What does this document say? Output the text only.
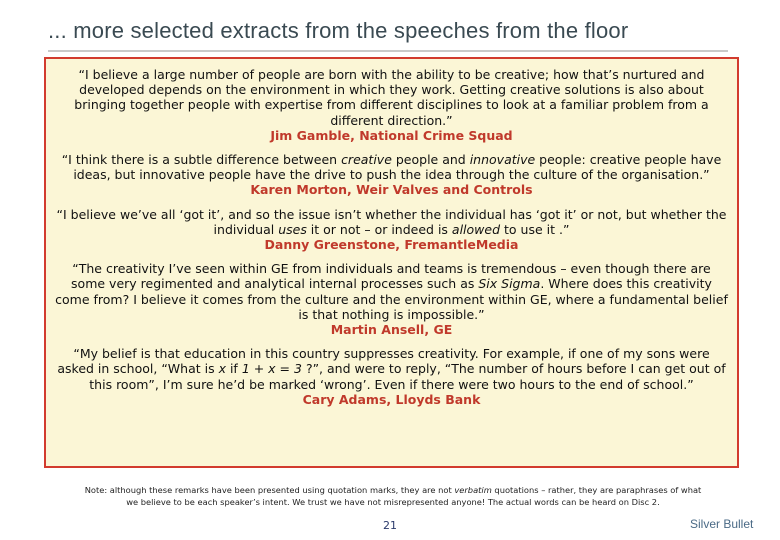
... more selected extracts from the speeches from the floor

“I believe a large number of people are born with the ability to be creative; how that’s nurtured and developed depends on the environment in which they work. Getting creative solutions is also about bringing together people with expertise from different disciplines to look at a familiar problem from a different direction.”
Jim Gamble, National Crime Squad

“I think there is a subtle difference between creative people and innovative people: creative people have ideas, but innovative people have the drive to push the idea through the culture of the organisation.”
Karen Morton, Weir Valves and Controls

“I believe we’ve all ‘got it’, and so the issue isn’t whether the individual has ‘got it’ or not, but whether the individual uses it or not – or indeed is allowed to use it .”
Danny Greenstone, FremantleMedia

“The creativity I’ve seen within GE from individuals and teams is tremendous – even though there are some very regimented and analytical internal processes such as Six Sigma. Where does this creativity come from? I believe it comes from the culture and the environment within GE, where a fundamental belief is that nothing is impossible.”
Martin Ansell, GE

“My belief is that education in this country suppresses creativity. For example, if one of my sons were asked in school, “What is x if 1 + x = 3 ?”, and were to reply, “The number of hours before I can get out of this room”, I’m sure he’d be marked ‘wrong’. Even if there were two hours to the end of school.”
Cary Adams, Lloyds Bank

Note: although these remarks have been presented using quotation marks, they are not verbatim quotations – rather, they are paraphrases of what we believe to be each speaker’s intent. We trust we have not misrepresented anyone! The actual words can be heard on Disc 2.
21	Silver Bullet
